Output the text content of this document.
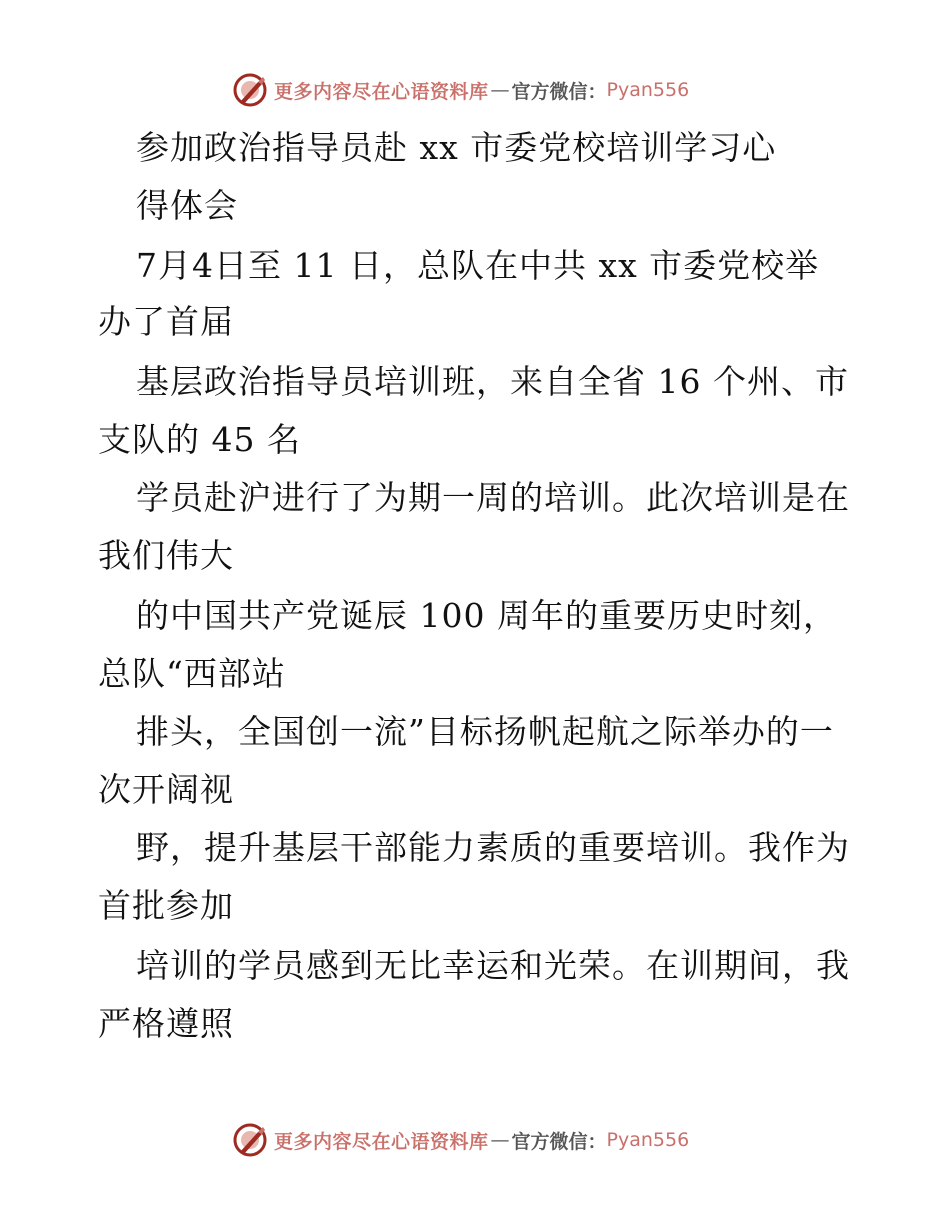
更多内容尽在心语资料库 — 官方微信： Pyan556
参加政治指导员赴 xx 市委党校培训学习心
得体会
7月4日至 11 日，总队在中共 xx 市委党校举
办了首届
基层政治指导员培训班，来自全省 16 个州、市
支队的 45 名
学员赴沪进行了为期一周的培训。此次培训是在
我们伟大
的中国共产党诞辰 100 周年的重要历史时刻，
总队“西部站
排头，全国创一流”目标扬帆起航之际举办的一
次开阔视
野，提升基层干部能力素质的重要培训。我作为
首批参加
培训的学员感到无比幸运和光荣。在训期间，我
严格遵照
更多内容尽在心语资料库 — 官方微信： Pyan556
